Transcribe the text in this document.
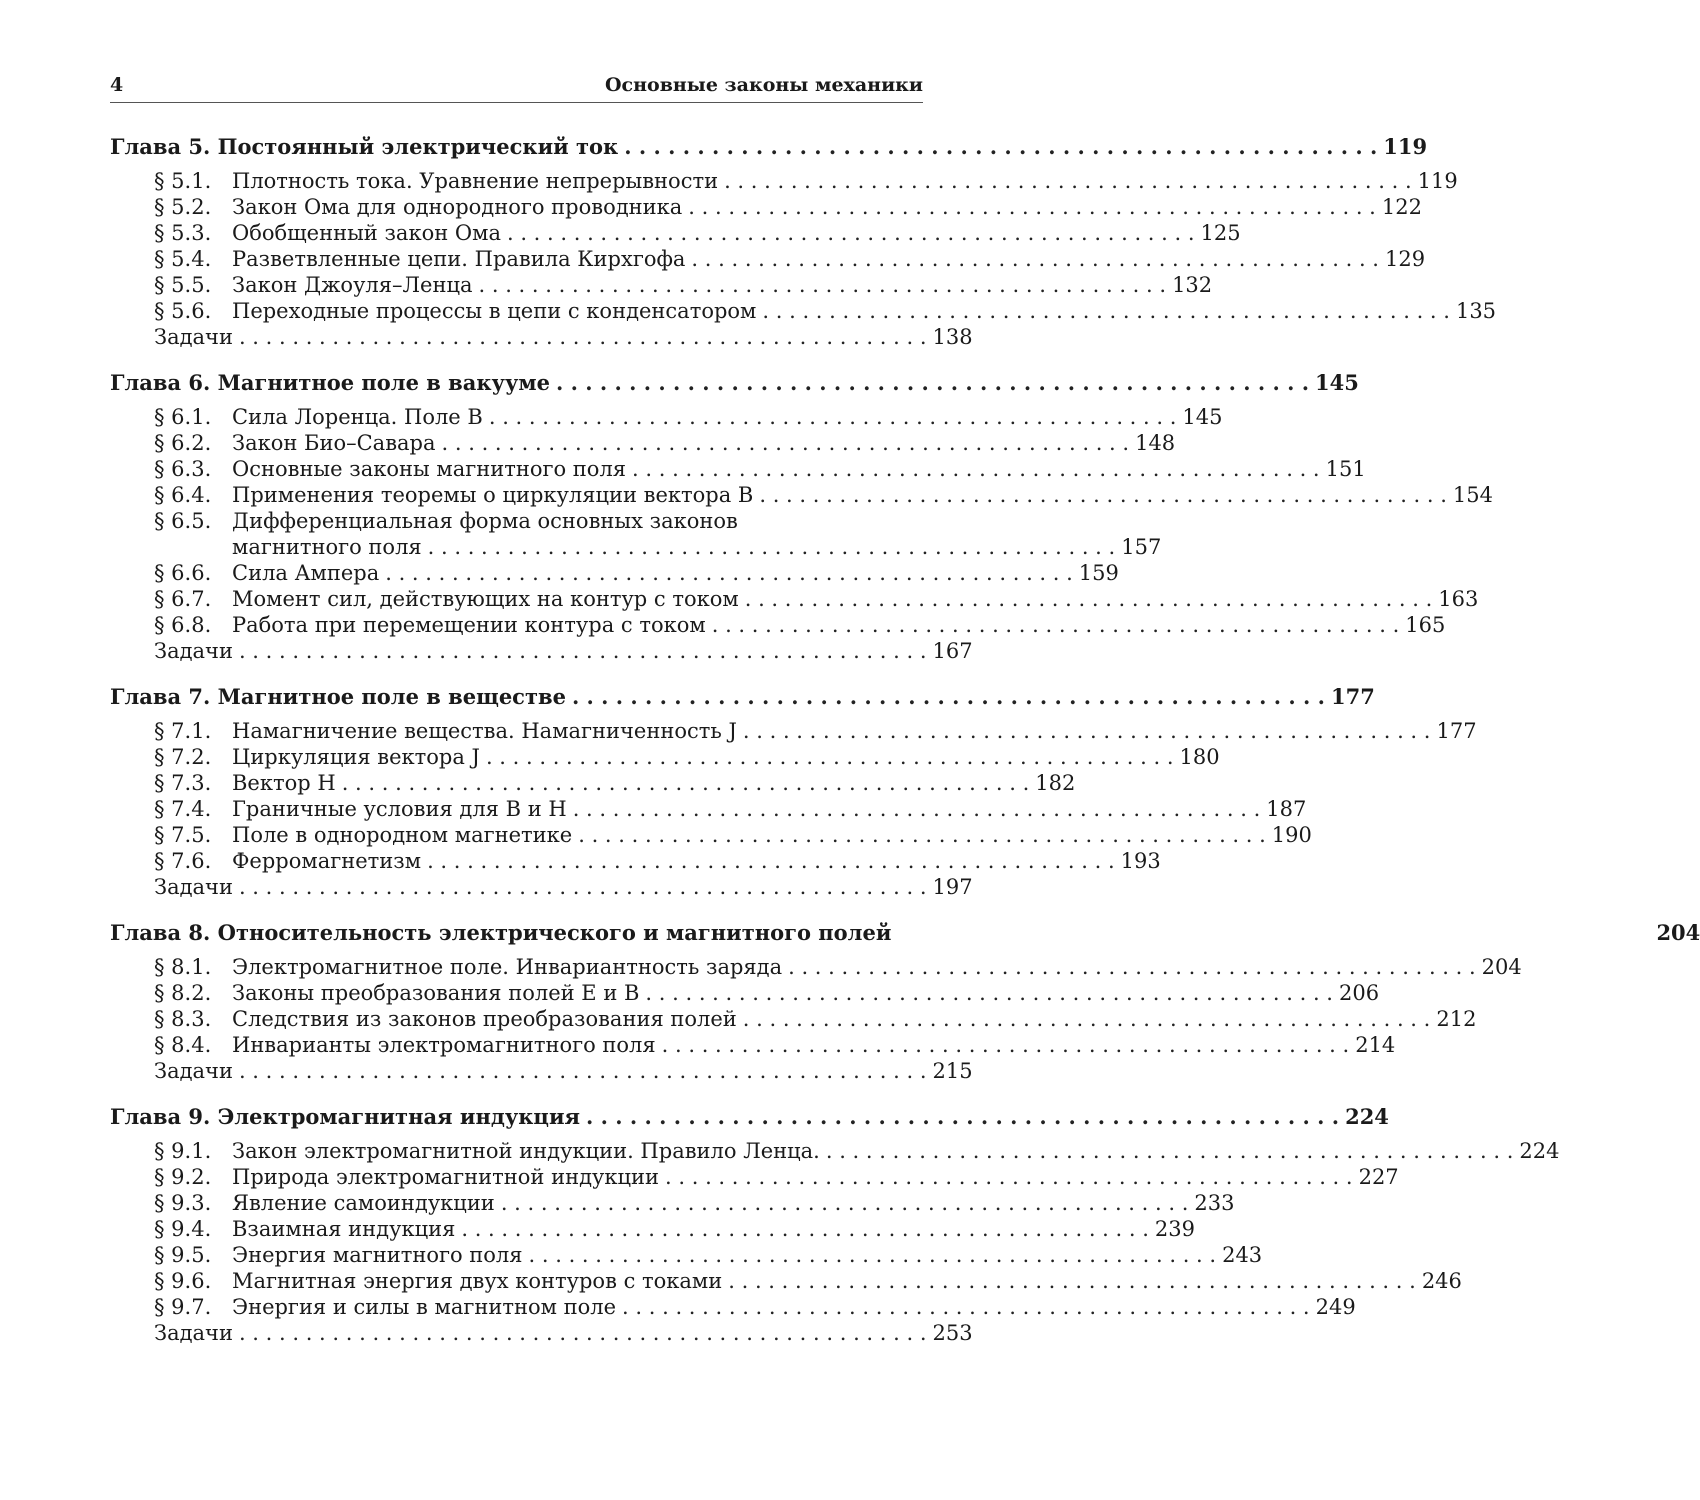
4	Основные законы механики
Глава 5. Постоянный электрический ток . . .	119
§ 5.1. Плотность тока. Уравнение непрерывности . . .	119
§ 5.2. Закон Ома для однородного проводника . . .	122
§ 5.3. Обобщенный закон Ома . . .	125
§ 5.4. Разветвленные цепи. Правила Кирхгофа . . .	129
§ 5.5. Закон Джоуля–Ленца . . .	132
§ 5.6. Переходные процессы в цепи с конденсатором . . .	135
Задачи . . .	138
Глава 6. Магнитное поле в вакууме . . .	145
§ 6.1. Сила Лоренца. Поле B . . .	145
§ 6.2. Закон Био–Савара . . .	148
§ 6.3. Основные законы магнитного поля . . .	151
§ 6.4. Применения теоремы о циркуляции вектора B . . .	154
§ 6.5. Дифференциальная форма основных законов
магнитного поля . . .	157
§ 6.6. Сила Ампера . . .	159
§ 6.7. Момент сил, действующих на контур с током . . .	163
§ 6.8. Работа при перемещении контура с током . . .	165
Задачи . . .	167
Глава 7. Магнитное поле в веществе . . .	177
§ 7.1. Намагничение вещества. Намагниченность J . . .	177
§ 7.2. Циркуляция вектора J . . .	180
§ 7.3. Вектор H . . .	182
§ 7.4. Граничные условия для B и H . . .	187
§ 7.5. Поле в однородном магнетике . . .	190
§ 7.6. Ферромагнетизм . . .	193
Задачи . . .	197
Глава 8. Относительность электрического и магнитного полей	204
§ 8.1. Электромагнитное поле. Инвариантность заряда . . .	204
§ 8.2. Законы преобразования полей E и B . . .	206
§ 8.3. Следствия из законов преобразования полей . . .	212
§ 8.4. Инварианты электромагнитного поля . . .	214
Задачи . . .	215
Глава 9. Электромагнитная индукция . . .	224
§ 9.1. Закон электромагнитной индукции. Правило Ленца. . . .	224
§ 9.2. Природа электромагнитной индукции . . .	227
§ 9.3. Явление самоиндукции . . .	233
§ 9.4. Взаимная индукция . . .	239
§ 9.5. Энергия магнитного поля . . .	243
§ 9.6. Магнитная энергия двух контуров с токами . . .	246
§ 9.7. Энергия и силы в магнитном поле . . .	249
Задачи . . .	253
